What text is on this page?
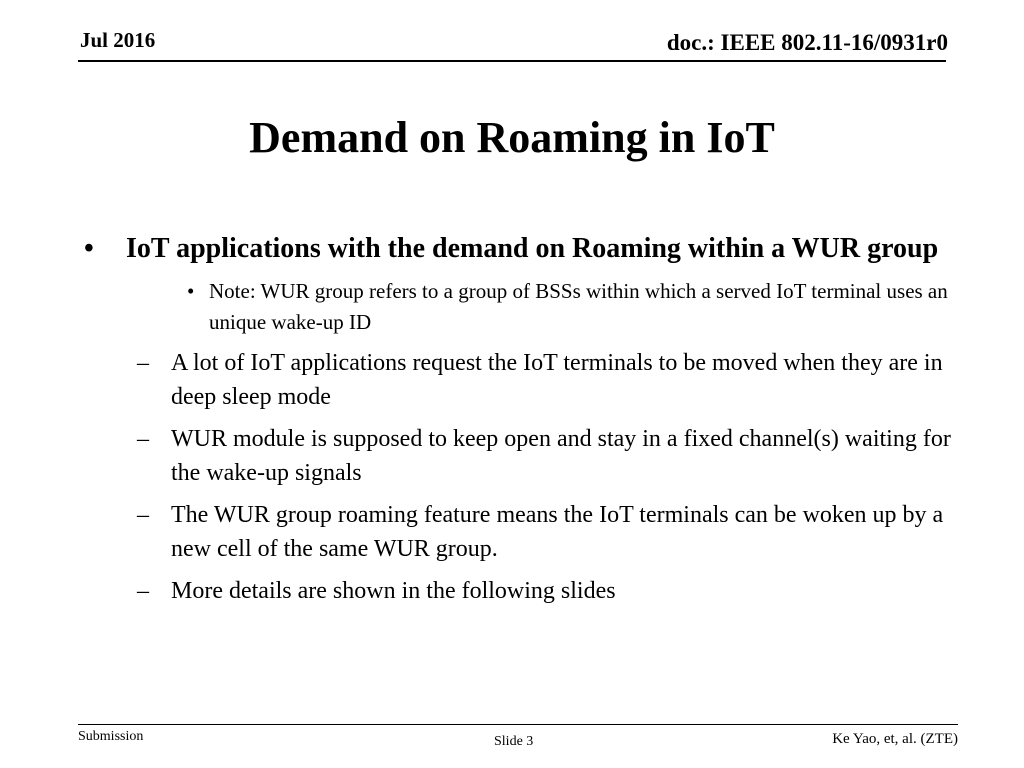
Jul 2016	doc.: IEEE 802.11-16/0931r0
Demand on Roaming in IoT
•	IoT applications with the demand on Roaming within a WUR group
• Note: WUR group refers to a group of BSSs within which a served IoT terminal uses an unique wake-up ID
– A lot of IoT applications request the IoT terminals to be moved when they are in deep sleep mode
– WUR module is supposed to keep open and stay in a fixed channel(s) waiting for the wake-up signals
– The WUR group roaming feature means the IoT terminals can be woken up by a new cell of the same WUR group.
– More details are shown in the following slides
Submission	Slide 3	Ke Yao, et, al. (ZTE)
